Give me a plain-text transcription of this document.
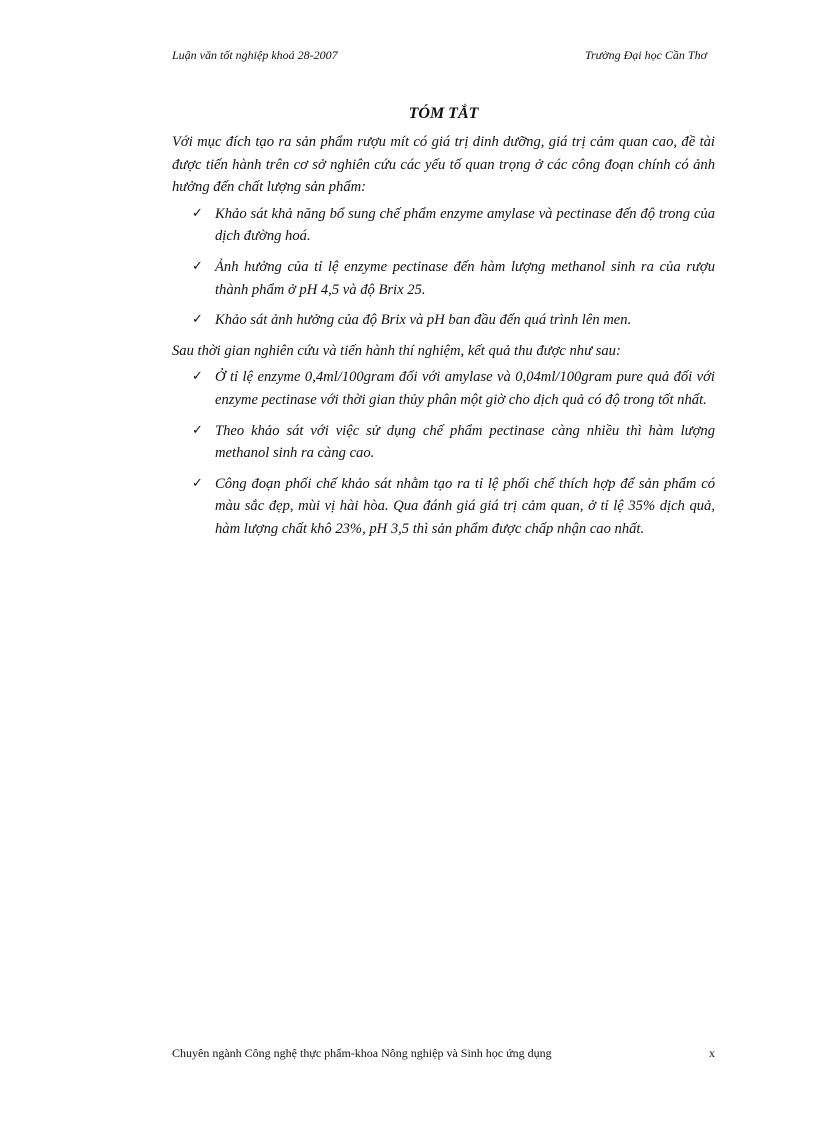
Luận văn tốt nghiệp khoá 28-2007	Trường Đại học Cần Thơ
TÓM TẮT

Với mục đích tạo ra sản phẩm rượu mít có giá trị dinh dưỡng, giá trị cảm quan cao, đề tài được tiến hành trên cơ sở nghiên cứu các yếu tố quan trọng ở các công đoạn chính có ảnh hưởng đến chất lượng sản phẩm:

✓ Khảo sát khả năng bổ sung chế phẩm enzyme amylase và pectinase đến độ trong của dịch đường hoá.
✓ Ảnh hưởng của tỉ lệ enzyme pectinase đến hàm lượng methanol sinh ra của rượu thành phẩm ở pH 4,5 và độ Brix 25.
✓ Khảo sát ảnh hưởng của độ Brix và pH ban đầu đến quá trình lên men.

Sau thời gian nghiên cứu và tiến hành thí nghiệm, kết quả thu được như sau:

✓ Ở tỉ lệ enzyme 0,4ml/100gram đối với amylase và 0,04ml/100gram pure quả đối với enzyme pectinase với thời gian thủy phân một giờ cho dịch quả có độ trong tốt nhất.
✓ Theo khảo sát với việc sử dụng chế phẩm pectinase càng nhiều thì hàm lượng methanol sinh ra càng cao.
✓ Công đoạn phối chế khảo sát nhằm tạo ra tỉ lệ phối chế thích hợp để sản phẩm có màu sắc đẹp, mùi vị hài hòa. Qua đánh giá giá trị cảm quan, ở tỉ lệ 35% dịch quả, hàm lượng chất khô 23%, pH 3,5 thì sản phẩm được chấp nhận cao nhất.
Chuyên ngành Công nghệ thực phẩm-khoa Nông nghiệp và Sinh học ứng dụng	x
